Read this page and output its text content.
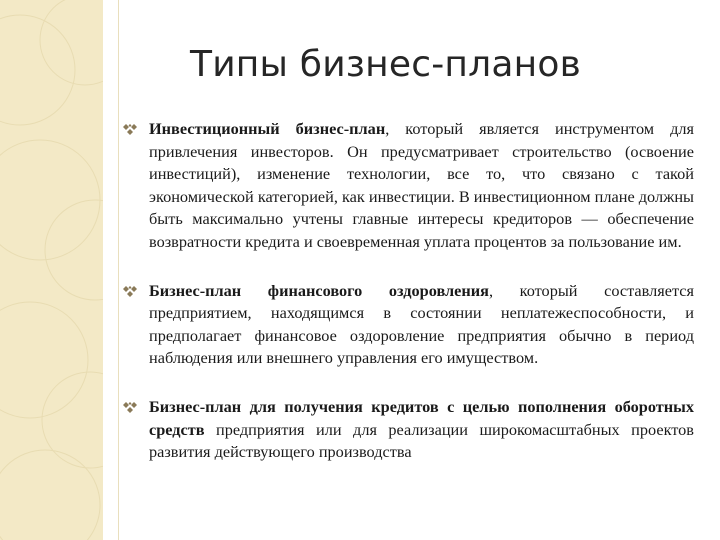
Типы бизнес-планов
Инвестиционный бизнес-план, который является инструментом для привлечения инвесторов. Он предусматривает строительство (освоение инвестиций), изменение технологии, все то, что связано с такой экономической категорией, как инвестиции. В инвестиционном плане должны быть максимально учтены главные интересы кредиторов — обеспечение возвратности кредита и своевременная уплата процентов за пользование им.
Бизнес-план финансового оздоровления, который составляется предприятием, находящимся в состоянии неплатежеспособности, и предполагает финансовое оздоровление предприятия обычно в период наблюдения или внешнего управления его имуществом.
Бизнес-план для получения кредитов с целью пополнения оборотных средств предприятия или для реализации широкомасштабных проектов развития действующего производства
